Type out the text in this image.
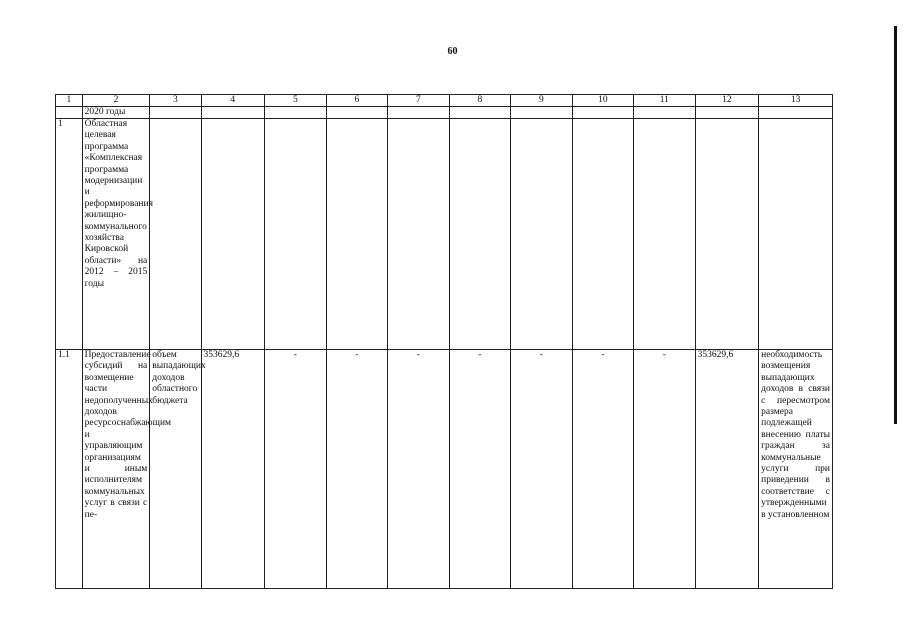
60
1	2	3	4	5	6	7	8	9	10	11	12	13
	2020 годы											
1	Областная целевая программа «Комплексная программа модернизации и реформирования жилищно-коммунального хозяйства Кировской области» на 2012 – 2015 годы											
1.1	Предоставление субсидий на возмещение части недополученных доходов ресурсоснабжающим и управляющим организациям и иным исполнителям коммунальных услуг в связи с пе-	объем выпадающих доходов областного бюджета	353629,6	-	-	-	-	-	-	-	353629,6	необходимость возмещения выпадающих доходов в связи с пересмотром размера подлежащей внесению платы граждан за коммунальные услуги при приведении в соответствие с утвержденными в установленном
